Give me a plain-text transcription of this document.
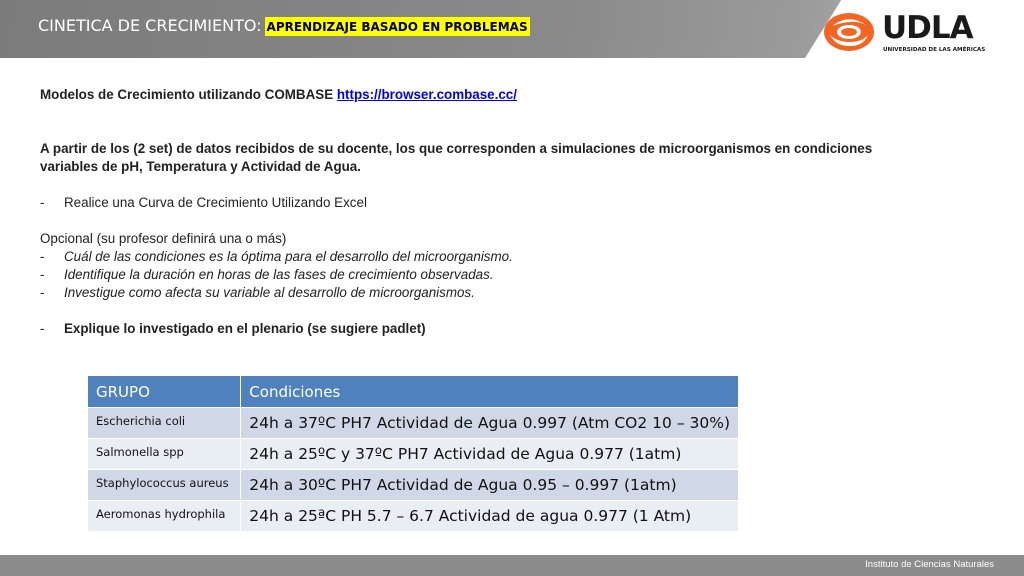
CINETICA DE CRECIMIENTO: APRENDIZAJE BASADO EN PROBLEMAS	UDLA
UNIVERSIDAD DE LAS AMÉRICAS

Modelos de Crecimiento utilizando COMBASE https://browser.combase.cc/

A partir de los (2 set) de datos recibidos de su docente, los que corresponden a simulaciones de microorganismos en condiciones variables de pH, Temperatura y Actividad de Agua.

-	Realice una Curva de Crecimiento Utilizando Excel

Opcional (su profesor definirá una o más)

-	Cuál de las condiciones es la óptima para el desarrollo del microorganismo.
-	Identifique la duración en horas de las fases de crecimiento observadas.
-	Investigue como afecta su variable al desarrollo de microorganismos.
-	Explique lo investigado en el plenario (se sugiere padlet)
GRUPO	Condiciones
Escherichia coli	24h a 37ºC PH7 Actividad de Agua 0.997 (Atm CO2 10 – 30%)
Salmonella spp	24h a 25ºC y 37ºC PH7 Actividad de Agua 0.977 (1atm)
Staphylococcus aureus	24h a 30ºC PH7 Actividad de Agua 0.95 – 0.997 (1atm)
Aeromonas hydrophila	24h a 25ªC PH 5.7 – 6.7 Actividad de agua 0.977 (1 Atm)
Instituto de Ciencias Naturales
